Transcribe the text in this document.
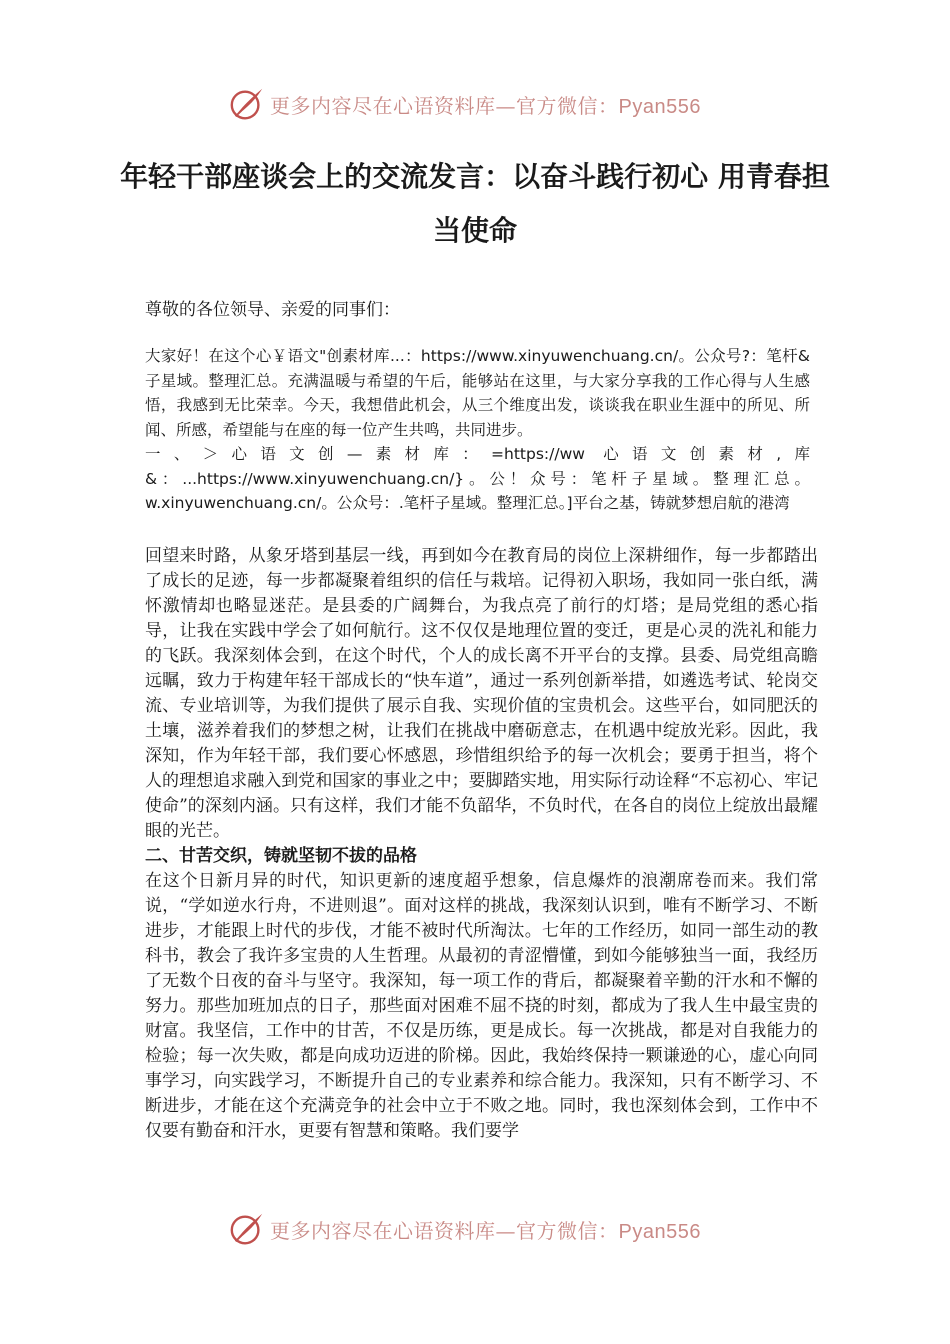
更多内容尽在心语资料库—官方微信：Pyan556
年轻干部座谈会上的交流发言：以奋斗践行初心 用青春担当使命
尊敬的各位领导、亲爱的同事们：

大家好！在这个心￥语文"创素材库...：https://www.xinyuwenchuang.cn/。公众号?：笔杆&子星域。整理汇总。充满温暖与希望的午后，能够站在这里，与大家分享我的工作心得与人生感悟，我感到无比荣幸。今天，我想借此机会，从三个维度出发，谈谈我在职业生涯中的所见、所闻、所感，希望能与在座的每一位产生共鸣，共同进步。

一、＞心语文创—素材库：=https://ww 心语文创素材,库&：...https://www.xinyuwenchuang.cn/}。公！众号：笔杆子星域。整理汇总。w.xinyuwenchuang.cn/。公众号：.笔杆子星域。整理汇总。]平台之基，铸就梦想启航的港湾

回望来时路，从象牙塔到基层一线，再到如今在教育局的岗位上深耕细作，每一步都踏出了成长的足迹，每一步都凝聚着组织的信任与栽培。记得初入职场，我如同一张白纸，满怀激情却也略显迷茫。是县委的广阔舞台，为我点亮了前行的灯塔；是局党组的悉心指导，让我在实践中学会了如何航行。这不仅仅是地理位置的变迁，更是心灵的洗礼和能力的飞跃。我深刻体会到，在这个时代，个人的成长离不开平台的支撑。县委、局党组高瞻远瞩，致力于构建年轻干部成长的“快车道”，通过一系列创新举措，如遴选考试、轮岗交流、专业培训等，为我们提供了展示自我、实现价值的宝贵机会。这些平台，如同肥沃的土壤，滋养着我们的梦想之树，让我们在挑战中磨砺意志，在机遇中绽放光彩。因此，我深知，作为年轻干部，我们要心怀感恩，珍惜组织给予的每一次机会；要勇于担当，将个人的理想追求融入到党和国家的事业之中；要脚踏实地，用实际行动诠释“不忘初心、牢记使命”的深刻内涵。只有这样，我们才能不负韶华，不负时代，在各自的岗位上绽放出最耀眼的光芒。

二、甘苦交织，铸就坚韧不拔的品格

在这个日新月异的时代，知识更新的速度超乎想象，信息爆炸的浪潮席卷而来。我们常说，“学如逆水行舟，不进则退”。面对这样的挑战，我深刻认识到，唯有不断学习、不断进步，才能跟上时代的步伐，才能不被时代所淘汰。七年的工作经历，如同一部生动的教科书，教会了我许多宝贵的人生哲理。从最初的青涩懵懂，到如今能够独当一面，我经历了无数个日夜的奋斗与坚守。我深知，每一项工作的背后，都凝聚着辛勤的汗水和不懈的努力。那些加班加点的日子，那些面对困难不屈不挠的时刻，都成为了我人生中最宝贵的财富。我坚信，工作中的甘苦，不仅是历练，更是成长。每一次挑战，都是对自我能力的检验；每一次失败，都是向成功迈进的阶梯。因此，我始终保持一颗谦逊的心，虚心向同事学习，向实践学习，不断提升自己的专业素养和综合能力。我深知，只有不断学习、不断进步，才能在这个充满竞争的社会中立于不败之地。同时，我也深刻体会到，工作中不仅要有勤奋和汗水，更要有智慧和策略。我们要学

更多内容尽在心语资料库—官方微信：Pyan556
